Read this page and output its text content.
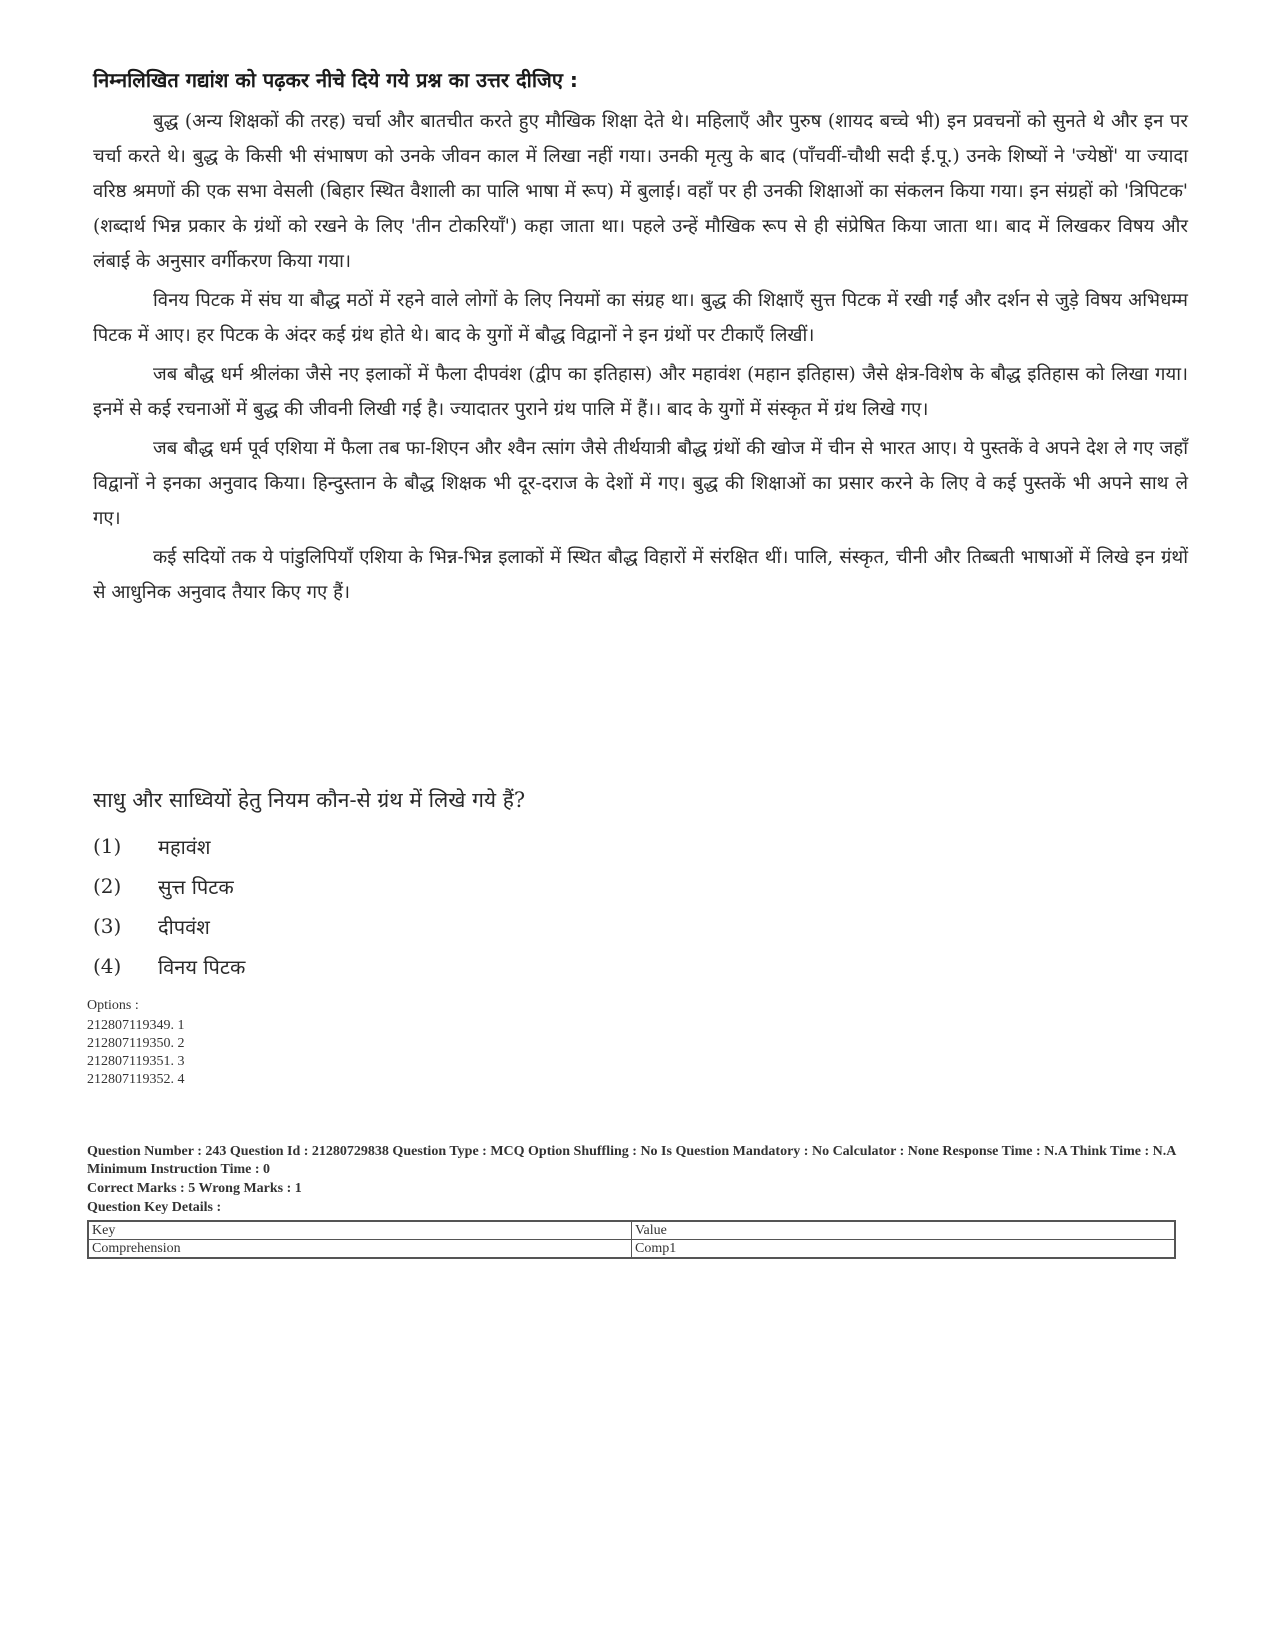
निम्नलिखित गद्यांश को पढ़कर नीचे दिये गये प्रश्न का उत्तर दीजिए :

बुद्ध (अन्य शिक्षकों की तरह) चर्चा और बातचीत करते हुए मौखिक शिक्षा देते थे। महिलाएँ और पुरुष (शायद बच्चे भी) इन प्रवचनों को सुनते थे और इन पर चर्चा करते थे। बुद्ध के किसी भी संभाषण को उनके जीवन काल में लिखा नहीं गया। उनकी मृत्यु के बाद (पाँचवीं-चौथी सदी ई.पू.) उनके शिष्यों ने 'ज्येष्ठों' या ज्यादा वरिष्ठ श्रमणों की एक सभा वेसली (बिहार स्थित वैशाली का पालि भाषा में रूप) में बुलाई। वहाँ पर ही उनकी शिक्षाओं का संकलन किया गया। इन संग्रहों को 'त्रिपिटक' (शब्दार्थ भिन्न प्रकार के ग्रंथों को रखने के लिए 'तीन टोकरियाँ') कहा जाता था। पहले उन्हें मौखिक रूप से ही संप्रेषित किया जाता था। बाद में लिखकर विषय और लंबाई के अनुसार वर्गीकरण किया गया।

विनय पिटक में संघ या बौद्ध मठों में रहने वाले लोगों के लिए नियमों का संग्रह था। बुद्ध की शिक्षाएँ सुत्त पिटक में रखी गईं और दर्शन से जुड़े विषय अभिधम्म पिटक में आए। हर पिटक के अंदर कई ग्रंथ होते थे। बाद के युगों में बौद्ध विद्वानों ने इन ग्रंथों पर टीकाएँ लिखीं।

जब बौद्ध धर्म श्रीलंका जैसे नए इलाकों में फैला दीपवंश (द्वीप का इतिहास) और महावंश (महान इतिहास) जैसे क्षेत्र-विशेष के बौद्ध इतिहास को लिखा गया। इनमें से कई रचनाओं में बुद्ध की जीवनी लिखी गई है। ज्यादातर पुराने ग्रंथ पालि में हैं।। बाद के युगों में संस्कृत में ग्रंथ लिखे गए।

जब बौद्ध धर्म पूर्व एशिया में फैला तब फा-शिएन और श्वैन त्सांग जैसे तीर्थयात्री बौद्ध ग्रंथों की खोज में चीन से भारत आए। ये पुस्तकें वे अपने देश ले गए जहाँ विद्वानों ने इनका अनुवाद किया। हिन्दुस्तान के बौद्ध शिक्षक भी दूर-दराज के देशों में गए। बुद्ध की शिक्षाओं का प्रसार करने के लिए वे कई पुस्तकें भी अपने साथ ले गए।

कई सदियों तक ये पांडुलिपियाँ एशिया के भिन्न-भिन्न इलाकों में स्थित बौद्ध विहारों में संरक्षित थीं। पालि, संस्कृत, चीनी और तिब्बती भाषाओं में लिखे इन ग्रंथों से आधुनिक अनुवाद तैयार किए गए हैं।

साधु और साध्वियों हेतु नियम कौन-से ग्रंथ में लिखे गये हैं?
(1)	महावंश
(2)	सुत्त पिटक
(3)	दीपवंश
(4)	विनय पिटक
Options :
212807119349. 1
212807119350. 2
212807119351. 3
212807119352. 4
Question Number : 243 Question Id : 21280729838 Question Type : MCQ Option Shuffling : No Is Question Mandatory : No Calculator : None Response Time : N.A Think Time : N.A Minimum Instruction Time : 0
Correct Marks : 5 Wrong Marks : 1
Question Key Details :
Key	Value
Comprehension	Comp1
